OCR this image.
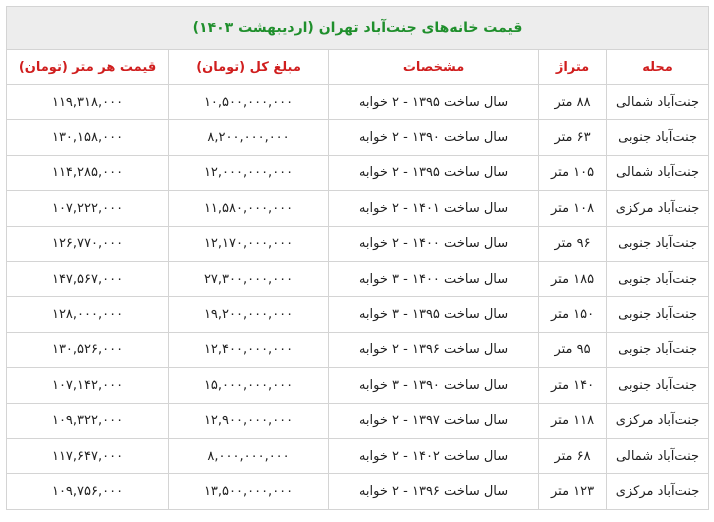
قیمت خانه‌های جنت‌آباد تهران (اردیبهشت ۱۴۰۳)				
محله	متراژ	مشخصات	مبلغ کل (تومان)	قیمت هر متر (تومان)
جنت‌آباد شمالی	۸۸ متر	سال ساخت ۱۳۹۵ - ۲ خوابه	۱۰,۵۰۰,۰۰۰,۰۰۰	۱۱۹,۳۱۸,۰۰۰
جنت‌آباد جنوبی	۶۳ متر	سال ساخت ۱۳۹۰ - ۲ خوابه	۸,۲۰۰,۰۰۰,۰۰۰	۱۳۰,۱۵۸,۰۰۰
جنت‌آباد شمالی	۱۰۵ متر	سال ساخت ۱۳۹۵ - ۲ خوابه	۱۲,۰۰۰,۰۰۰,۰۰۰	۱۱۴,۲۸۵,۰۰۰
جنت‌آباد مرکزی	۱۰۸ متر	سال ساخت ۱۴۰۱ - ۲ خوابه	۱۱,۵۸۰,۰۰۰,۰۰۰	۱۰۷,۲۲۲,۰۰۰
جنت‌آباد جنوبی	۹۶ متر	سال ساخت ۱۴۰۰ - ۲ خوابه	۱۲,۱۷۰,۰۰۰,۰۰۰	۱۲۶,۷۷۰,۰۰۰
جنت‌آباد جنوبی	۱۸۵ متر	سال ساخت ۱۴۰۰ - ۳ خوابه	۲۷,۳۰۰,۰۰۰,۰۰۰	۱۴۷,۵۶۷,۰۰۰
جنت‌آباد جنوبی	۱۵۰ متر	سال ساخت ۱۳۹۵ - ۳ خوابه	۱۹,۲۰۰,۰۰۰,۰۰۰	۱۲۸,۰۰۰,۰۰۰
جنت‌آباد جنوبی	۹۵ متر	سال ساخت ۱۳۹۶ - ۲ خوابه	۱۲,۴۰۰,۰۰۰,۰۰۰	۱۳۰,۵۲۶,۰۰۰
جنت‌آباد جنوبی	۱۴۰ متر	سال ساخت ۱۳۹۰ - ۳ خوابه	۱۵,۰۰۰,۰۰۰,۰۰۰	۱۰۷,۱۴۲,۰۰۰
جنت‌آباد مرکزی	۱۱۸ متر	سال ساخت ۱۳۹۷ - ۲ خوابه	۱۲,۹۰۰,۰۰۰,۰۰۰	۱۰۹,۳۲۲,۰۰۰
جنت‌آباد شمالی	۶۸ متر	سال ساخت ۱۴۰۲ - ۲ خوابه	۸,۰۰۰,۰۰۰,۰۰۰	۱۱۷,۶۴۷,۰۰۰
جنت‌آباد مرکزی	۱۲۳ متر	سال ساخت ۱۳۹۶ - ۲ خوابه	۱۳,۵۰۰,۰۰۰,۰۰۰	۱۰۹,۷۵۶,۰۰۰
